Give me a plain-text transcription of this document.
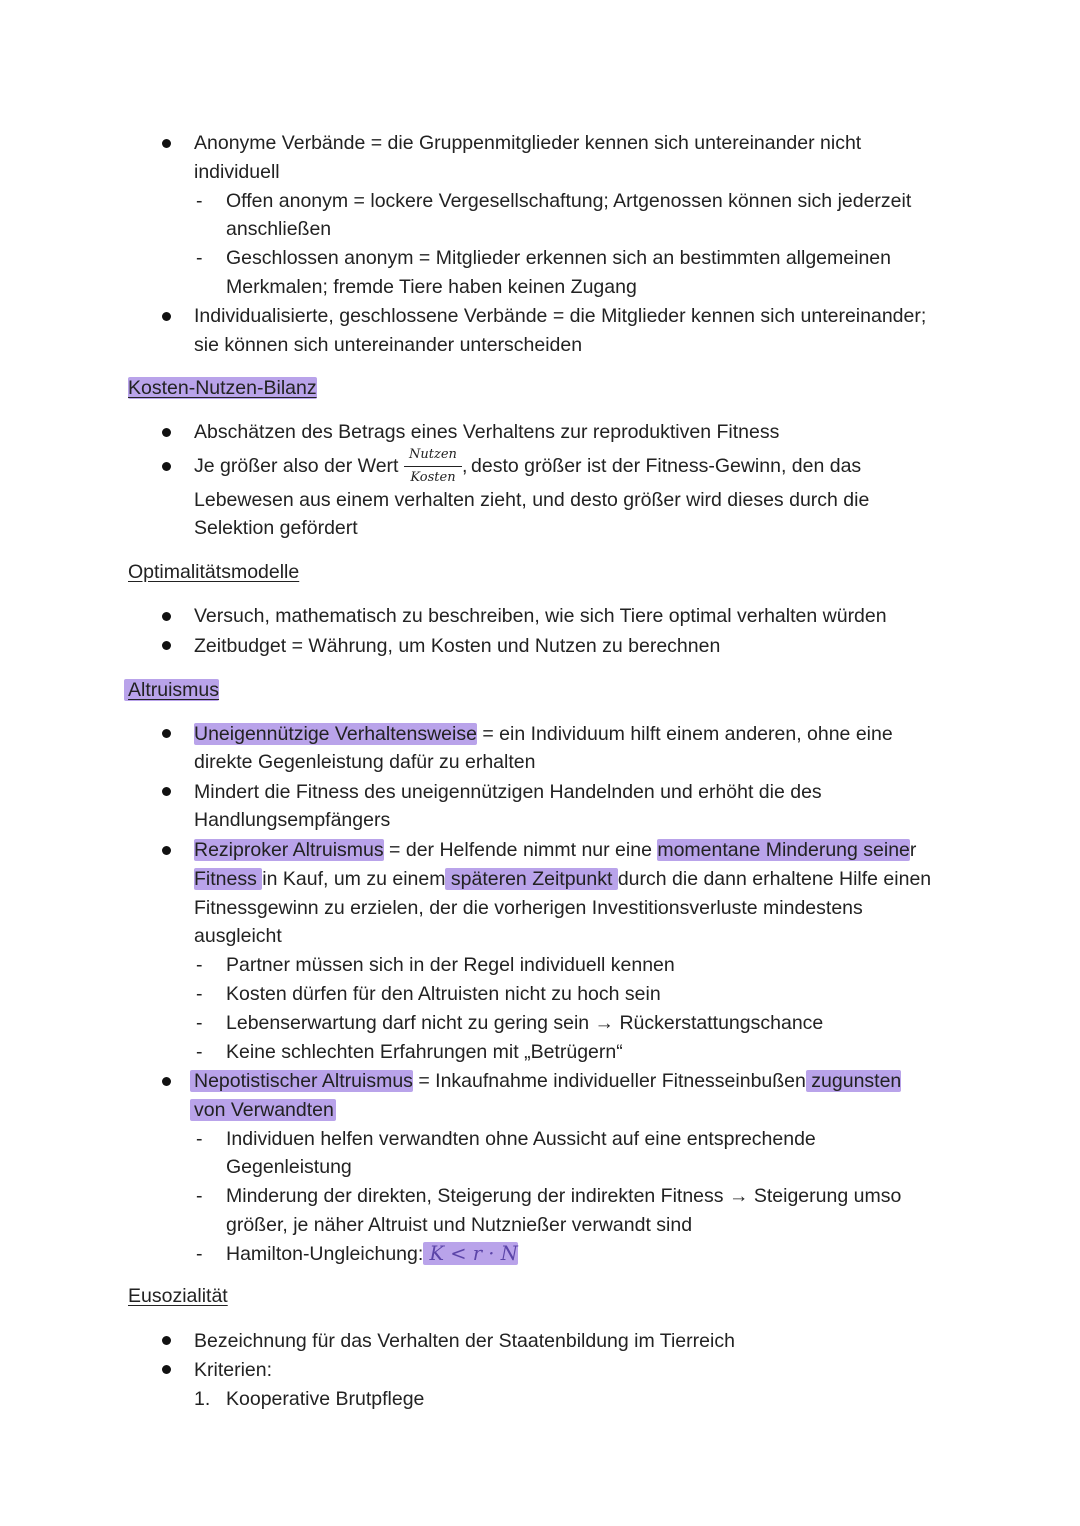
Anonyme Verbände = die Gruppenmitglieder kennen sich untereinander nicht
individuell
- Offen anonym = lockere Vergesellschaftung; Artgenossen können sich jederzeit
anschließen
- Geschlossen anonym = Mitglieder erkennen sich an bestimmten allgemeinen
Merkmalen; fremde Tiere haben keinen Zugang
Individualisierte, geschlossene Verbände = die Mitglieder kennen sich untereinander;
sie können sich untereinander unterscheiden
Kosten-Nutzen-Bilanz
Abschätzen des Betrags eines Verhaltens zur reproduktiven Fitness
Je größer also der Wert
Nutzen
Kosten
, desto größer ist der Fitness-Gewinn, den das
Lebewesen aus einem verhalten zieht, und desto größer wird dieses durch die
Selektion gefördert
Optimalitätsmodelle
Versuch, mathematisch zu beschreiben, wie sich Tiere optimal verhalten würden
Zeitbudget = Währung, um Kosten und Nutzen zu berechnen
Altruismus
Uneigennützige Verhaltensweise = ein Individuum hilft einem anderen, ohne eine
direkte Gegenleistung dafür zu erhalten
Mindert die Fitness des uneigennützigen Handelnden und erhöht die des
Handlungsempfängers
Reziproker Altruismus = der Helfende nimmt nur eine momentane Minderung seiner
Fitness in Kauf, um zu einem späteren Zeitpunkt durch die dann erhaltene Hilfe einen
Fitnessgewinn zu erzielen, der die vorherigen Investitionsverluste mindestens
ausgleicht
- Partner müssen sich in der Regel individuell kennen
- Kosten dürfen für den Altruisten nicht zu hoch sein
- Lebenserwartung darf nicht zu gering sein → Rückerstattungschance
- Keine schlechten Erfahrungen mit „Betrügern“
Nepotistischer Altruismus = Inkaufnahme individueller Fitnesseinbußen zugunsten
von Verwandten
- Individuen helfen verwandten ohne Aussicht auf eine entsprechende
Gegenleistung
- Minderung der direkten, Steigerung der indirekten Fitness → Steigerung umso
größer, je näher Altruist und Nutznießer verwandt sind
- Hamilton-Ungleichung: K < r · N
Eusozialität
Bezeichnung für das Verhalten der Staatenbildung im Tierreich
Kriterien:
1. Kooperative Brutpflege
